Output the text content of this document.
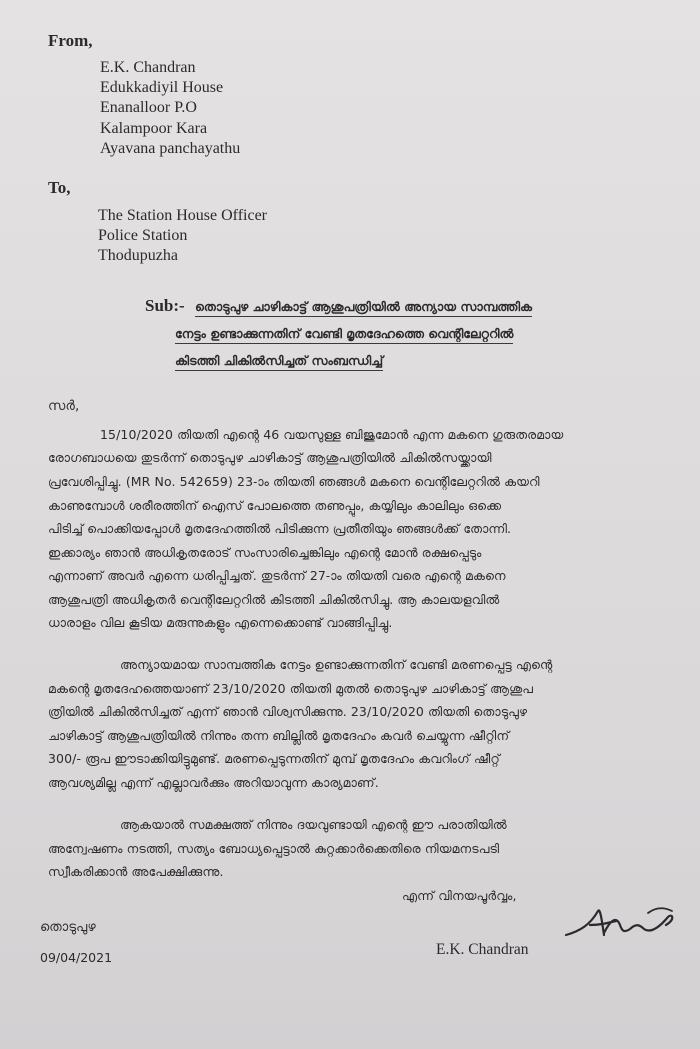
From,
E.K. Chandran
Edukkadiyil House
Enanalloor P.O
Kalampoor Kara
Ayavana panchayathu
To,
The Station House Officer
Police Station
Thodupuzha
Sub:- തൊടുപുഴ ചാഴികാട്ട് ആശുപത്രിയിൽ അന്യായ സാമ്പത്തിക
നേട്ടം ഉണ്ടാക്കുന്നതിന് വേണ്ടി മൃതദേഹത്തെ വെന്റിലേറ്ററിൽ
കിടത്തി ചികിൽസിച്ചത് സംബന്ധിച്ച്
സർ,
15/10/2020 തിയതി എന്റെ 46 വയസുള്ള ബിജുമോൻ എന്ന മകനെ ഗുരുതരമായ
രോഗബാധയെ തുടർന്ന് തൊടുപുഴ ചാഴികാട്ട് ആശുപത്രിയിൽ ചികിൽസയ്ക്കായി
പ്രവേശിപ്പിച്ചു. (MR No. 542659) 23-ാം തിയതി ഞങ്ങൾ മകനെ വെന്റിലേറ്ററിൽ കയറി
കാണുമ്പോൾ ശരീരത്തിന് ഐസ് പോലത്തെ തണുപ്പും, കയ്യിലും കാലിലും ഒക്കെ
പിടിച്ച് പൊക്കിയപ്പോൾ മൃതദേഹത്തിൽ പിടിക്കുന്ന പ്രതീതിയും ഞങ്ങൾക്ക് തോന്നി.
ഇക്കാര്യം ഞാൻ അധികൃതരോട് സംസാരിച്ചെങ്കിലും എന്റെ മോൻ രക്ഷപ്പെടും
എന്നാണ് അവർ എന്നെ ധരിപ്പിച്ചത്. തുടർന്ന് 27-ാം തിയതി വരെ എന്റെ മകനെ
ആശുപത്രി അധികൃതർ വെന്റിലേറ്ററിൽ കിടത്തി ചികിൽസിച്ചു. ആ കാലയളവിൽ
ധാരാളം വില കൂടിയ മരുന്നുകളും എന്നെക്കൊണ്ട് വാങ്ങിപ്പിച്ചു.
അന്യായമായ സാമ്പത്തിക നേട്ടം ഉണ്ടാക്കുന്നതിന് വേണ്ടി മരണപ്പെട്ട എന്റെ
മകന്റെ മൃതദേഹത്തെയാണ് 23/10/2020 തിയതി മുതൽ തൊടുപുഴ ചാഴികാട്ട് ആശുപ
ത്രിയിൽ ചികിൽസിച്ചത് എന്ന് ഞാൻ വിശ്വസിക്കുന്നു. 23/10/2020 തിയതി തൊടുപുഴ
ചാഴികാട്ട് ആശുപത്രിയിൽ നിന്നും തന്ന ബില്ലിൽ മൃതദേഹം കവർ ചെയ്യുന്ന ഷീറ്റിന്
300/- രൂപ ഈടാക്കിയിട്ടുമുണ്ട്. മരണപ്പെടുന്നതിന് മുമ്പ് മൃതദേഹം കവറിംഗ് ഷീറ്റ്
ആവശ്യമില്ല എന്ന് എല്ലാവർക്കും അറിയാവുന്ന കാര്യമാണ്.
ആകയാൽ സമക്ഷത്ത് നിന്നും ദയവുണ്ടായി എന്റെ ഈ പരാതിയിൽ
അന്വേഷണം നടത്തി, സത്യം ബോധ്യപ്പെട്ടാൽ കുറ്റക്കാർക്കെതിരെ നിയമനടപടി
സ്വീകരിക്കാൻ അപേക്ഷിക്കുന്നു.
എന്ന് വിനയപൂർവ്വം,
തൊടുപുഴ
09/04/2021	E.K. Chandran
